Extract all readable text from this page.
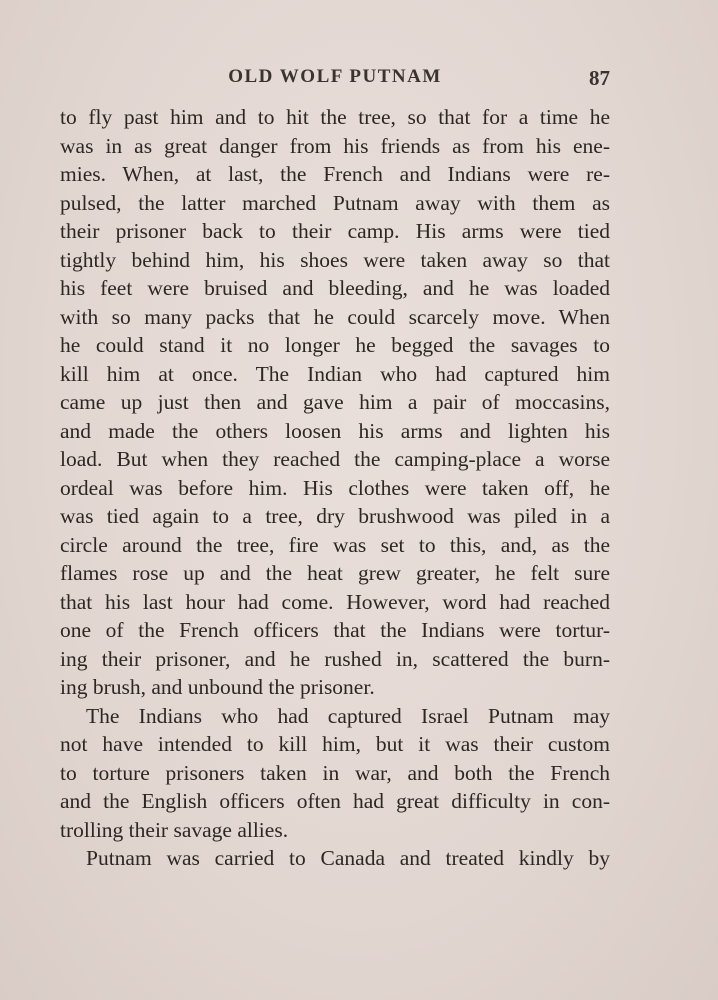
OLD WOLF PUTNAM	87
to fly past him and to hit the tree, so that for a time he
was in as great danger from his friends as from his ene-
mies. When, at last, the French and Indians were re-
pulsed, the latter marched Putnam away with them as
their prisoner back to their camp. His arms were tied
tightly behind him, his shoes were taken away so that
his feet were bruised and bleeding, and he was loaded
with so many packs that he could scarcely move. When
he could stand it no longer he begged the savages to
kill him at once. The Indian who had captured him
came up just then and gave him a pair of moccasins,
and made the others loosen his arms and lighten his
load. But when they reached the camping-place a worse
ordeal was before him. His clothes were taken off, he
was tied again to a tree, dry brushwood was piled in a
circle around the tree, fire was set to this, and, as the
flames rose up and the heat grew greater, he felt sure
that his last hour had come. However, word had reached
one of the French officers that the Indians were tortur-
ing their prisoner, and he rushed in, scattered the burn-
ing brush, and unbound the prisoner.
The Indians who had captured Israel Putnam may
not have intended to kill him, but it was their custom
to torture prisoners taken in war, and both the French
and the English officers often had great difficulty in con-
trolling their savage allies.
Putnam was carried to Canada and treated kindly by
